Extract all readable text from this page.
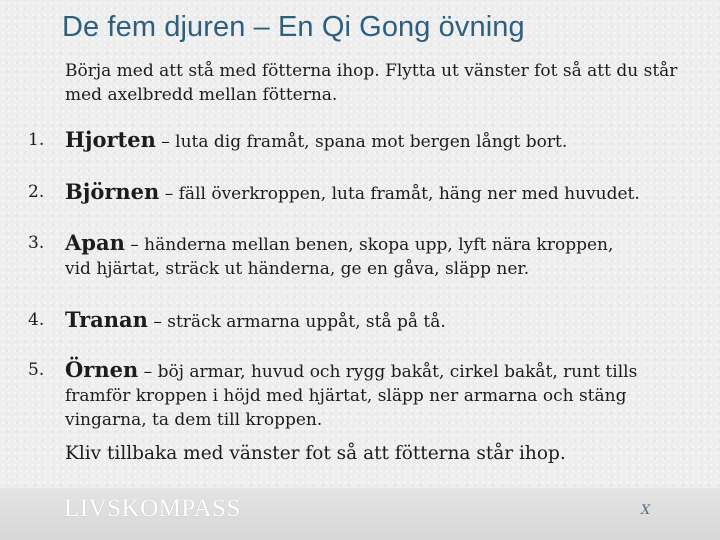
De fem djuren – En Qi Gong övning
Börja med att stå med fötterna ihop. Flytta ut vänster fot så att du står med axelbredd mellan fötterna.
1. Hjorten – luta dig framåt, spana mot bergen långt bort.
2. Björnen – fäll överkroppen, luta framåt, häng ner med huvudet.
3. Apan – händerna mellan benen, skopa upp, lyft nära kroppen,
vid hjärtat, sträck ut händerna, ge en gåva, släpp ner.
4. Tranan – sträck armarna uppåt, stå på tå.
5. Örnen – böj armar, huvud och rygg bakåt, cirkel bakåt, runt tills
framför kroppen i höjd med hjärtat, släpp ner armarna och stäng vingarna, ta dem till kroppen.
Kliv tillbaka med vänster fot så att fötterna står ihop.
LIVSKOMPASS	X
